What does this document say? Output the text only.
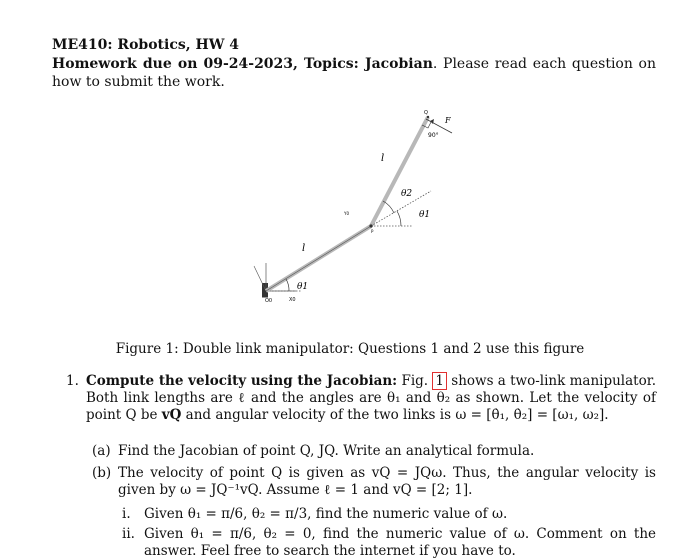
ME410: Robotics, HW 4

Homework due on 09-24-2023, Topics: Jacobian. Please read each question on how to submit the work.

l
l
θ2
θ1
θ1
Q
F
90°
P
Y0
O0	X0

Figure 1: Double link manipulator: Questions 1 and 2 use this figure

1. Compute the velocity using the Jacobian: Fig. 1 shows a two-link manipulator. Both link lengths are ℓ and the angles are θ₁ and θ₂ as shown. Let the velocity of point Q be vQ and angular velocity of the two links is ω = [θ̇₁, θ̇₂] = [ω₁, ω₂].
(a) Find the Jacobian of point Q, JQ. Write an analytical formula.
(b) The velocity of point Q is given as vQ = JQω. Thus, the angular velocity is given by ω = JQ⁻¹vQ. Assume ℓ = 1 and vQ = [2; 1].
i. Given θ₁ = π/6, θ₂ = π/3, find the numeric value of ω.
ii. Given θ₁ = π/6, θ₂ = 0, find the numeric value of ω. Comment on the answer. Feel free to search the internet if you have to.
